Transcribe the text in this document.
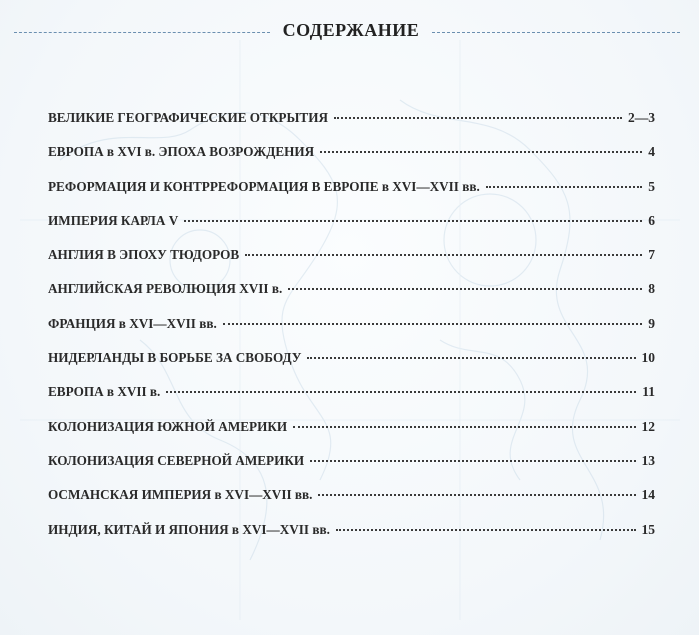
СОДЕРЖАНИЕ
ВЕЛИКИЕ ГЕОГРАФИЧЕСКИЕ ОТКРЫТИЯ	2—3
ЕВРОПА в XVI в. ЭПОХА ВОЗРОЖДЕНИЯ	4
РЕФОРМАЦИЯ И КОНТРРЕФОРМАЦИЯ В ЕВРОПЕ в XVI—XVII вв.	5
ИМПЕРИЯ КАРЛА V	6
АНГЛИЯ В ЭПОХУ ТЮДОРОВ	7
АНГЛИЙСКАЯ РЕВОЛЮЦИЯ XVII в.	8
ФРАНЦИЯ в XVI—XVII вв.	9
НИДЕРЛАНДЫ В БОРЬБЕ ЗА СВОБОДУ	10
ЕВРОПА в XVII в.	11
КОЛОНИЗАЦИЯ ЮЖНОЙ АМЕРИКИ	12
КОЛОНИЗАЦИЯ СЕВЕРНОЙ АМЕРИКИ	13
ОСМАНСКАЯ ИМПЕРИЯ в XVI—XVII вв.	14
ИНДИЯ, КИТАЙ И ЯПОНИЯ в XVI—XVII вв.	15
